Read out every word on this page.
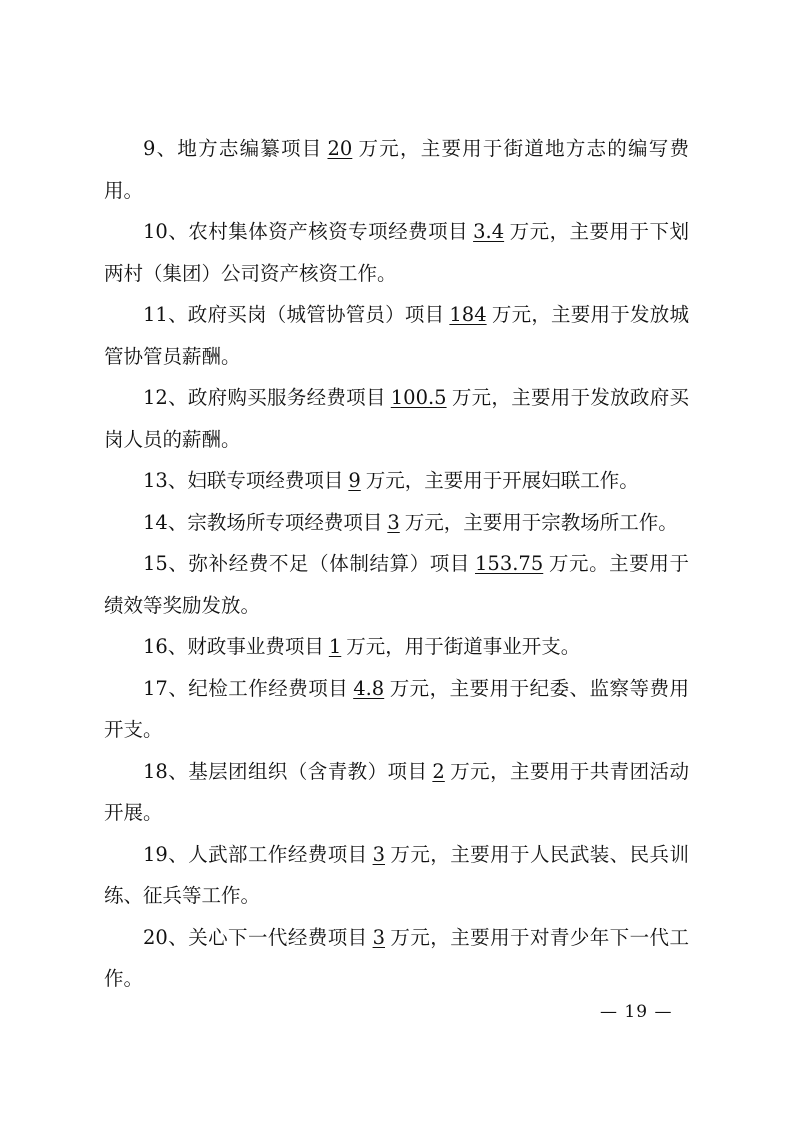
9、地方志编纂项目 20 万元，主要用于街道地方志的编写费用。

10、农村集体资产核资专项经费项目 3.4 万元，主要用于下划两村（集团）公司资产核资工作。

11、政府买岗（城管协管员）项目 184 万元，主要用于发放城管协管员薪酬。

12、政府购买服务经费项目 100.5 万元，主要用于发放政府买岗人员的薪酬。

13、妇联专项经费项目 9 万元，主要用于开展妇联工作。

14、宗教场所专项经费项目 3 万元，主要用于宗教场所工作。

15、弥补经费不足（体制结算）项目 153.75 万元。主要用于绩效等奖励发放。

16、财政事业费项目 1 万元，用于街道事业开支。

17、纪检工作经费项目 4.8 万元，主要用于纪委、监察等费用开支。

18、基层团组织（含青教）项目 2 万元，主要用于共青团活动开展。

19、人武部工作经费项目 3 万元，主要用于人民武装、民兵训练、征兵等工作。

20、关心下一代经费项目 3 万元，主要用于对青少年下一代工作。

— 19 —
